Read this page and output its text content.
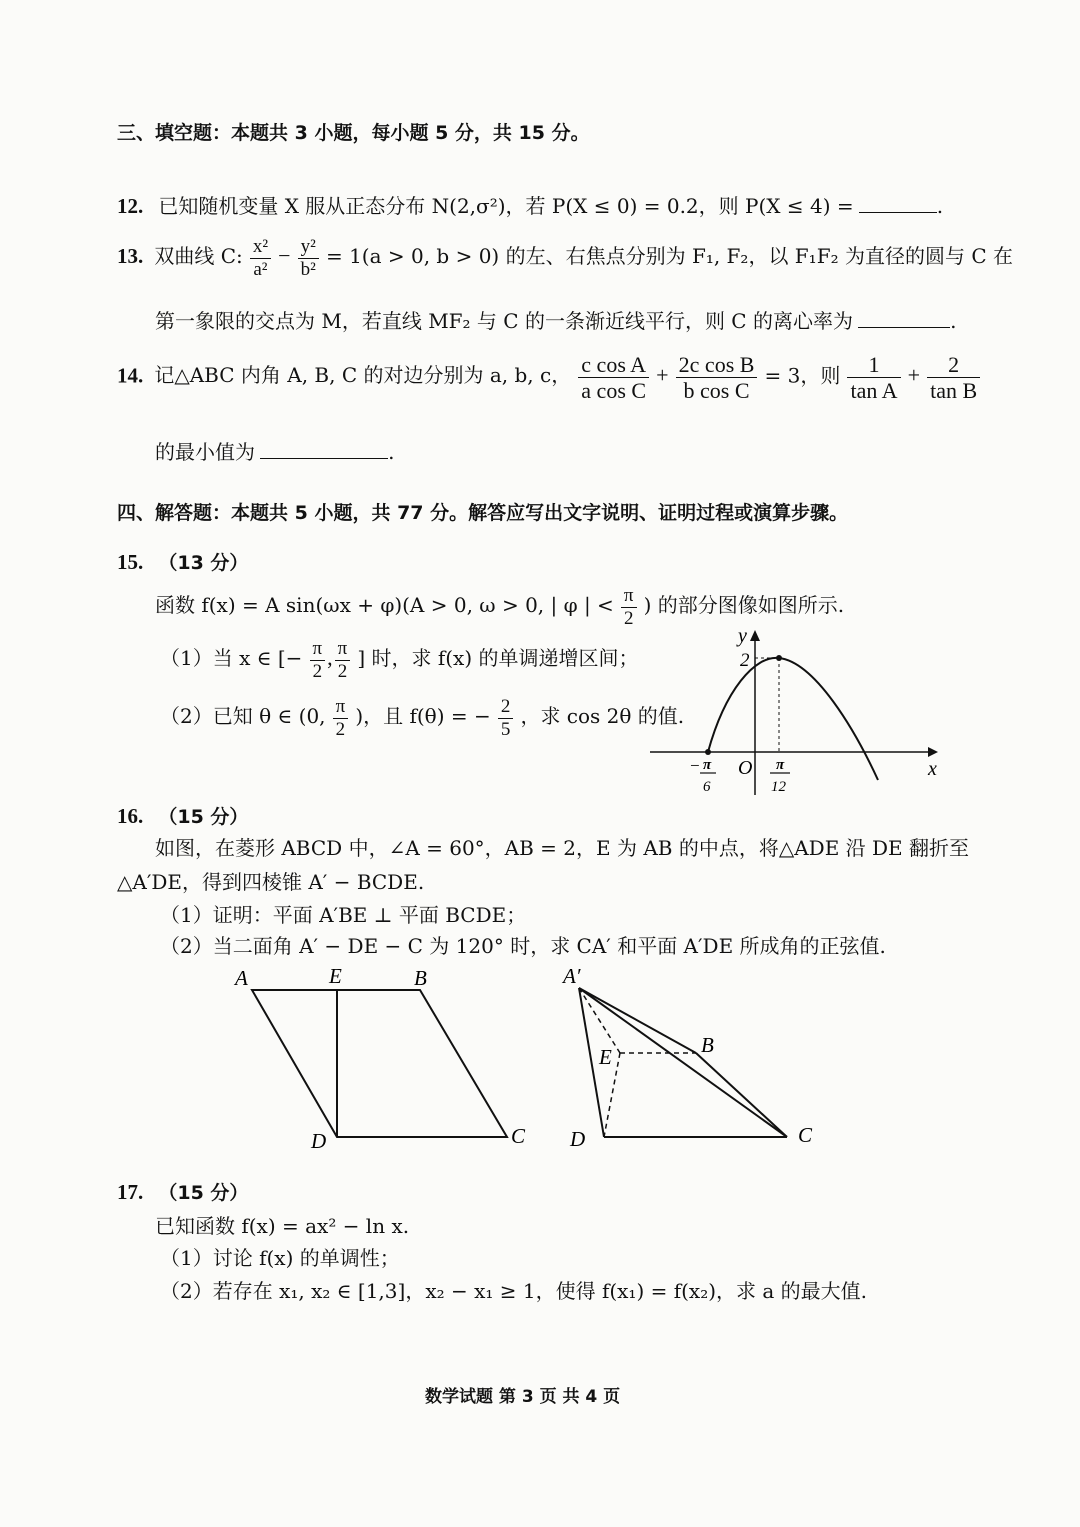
三、填空题：本题共 3 小题，每小题 5 分，共 15 分。
12. 已知随机变量 X 服从正态分布 N(2,σ²)，若 P(X ≤ 0) = 0.2，则 P(X ≤ 4) =	.
13. 双曲线 C: $\frac{\text{x²}}{\text{a²}} - \frac{\text{y²}}{\text{b²}} = 1(a > 0$, b > 0) 的左、右焦点分别为 F₁, F₂，以 F₁F₂ 为直径的圆与 C 在
第一象限的交点为 M，若直线 MF₂ 与 C 的一条渐近线平行，则 C 的离心率为	.
14. 记△ABC 内角 A, B, C 的对边分别为 a, b, c， $\frac{\text{c cos A}}{\text{a cos C}} + \frac{\text{2c cos B}}{\text{b cos C}} = 3$，则 $\frac{1}{\text{tan A}} + \frac{2}{\text{tan B}}$
的最小值为	.
四、解答题：本题共 5 小题，共 77 分。解答应写出文字说明、证明过程或演算步骤。
15. （13 分）
函数 f(x) = A sin(ωx + φ)(A > 0, ω > 0, | φ | < $\frac{\pi}{2}$ ) 的部分图像如图所示.
（1）当 x ∈ [− $\frac{\pi}{2}$ , $\frac{\pi}{2}$ ] 时，求 f(x) 的单调递增区间；
（2）已知 θ ∈ (0, $\frac{\pi}{2}$ )，且 f(θ) = − $\frac{2}{5}$ ，求 cos 2θ 的值.
y
x
O
2
− π
6
π
12
16. （15 分）
如图，在菱形 ABCD 中，∠A = 60°，AB = 2，E 为 AB 的中点，将△ADE 沿 DE 翻折至
△A′DE，得到四棱锥 A′ − BCDE.
（1）证明：平面 A′BE ⊥ 平面 BCDE；
（2）当二面角 A′ − DE − C 为 120° 时，求 CA′ 和平面 A′DE 所成角的正弦值.
A	E	B
D	C
A′
E	B
D	C
17. （15 分）
已知函数 f(x) = ax² − ln x.
（1）讨论 f(x) 的单调性；
（2）若存在 x₁, x₂ ∈ [1,3]，x₂ − x₁ ≥ 1，使得 f(x₁) = f(x₂)，求 a 的最大值.
数学试题 第 3 页 共 4 页
